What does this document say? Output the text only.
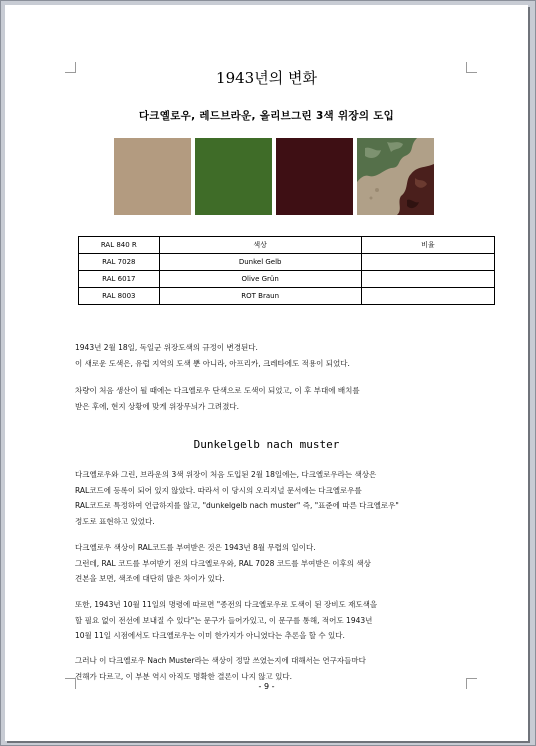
1943년의 변화
다크옐로우, 레드브라운, 올리브그린 3색 위장의 도입
RAL 840 R	색상	비율
RAL 7028	Dunkel Gelb	
RAL 6017	Olive Grün	
RAL 8003	ROT Braun	
1943년 2월 18일, 독일군 위장도색의 규정이 변경된다.
이 새로운 도색은, 유럽 지역의 도색 뿐 아니라, 아프리카, 크레타에도 적용이 되었다.
차량이 처음 생산이 될 때에는 다크옐로우 단색으로 도색이 되었고, 이 후 부대에 배치를
받은 후에, 현지 상황에 맞게 위장무늬가 그려졌다.
Dunkelgelb nach muster
다크옐로우와 그린, 브라운의 3색 위장이 처음 도입된 2월 18일에는, 다크옐로우라는 색상은
RAL코드에 등록이 되어 있지 않았다. 따라서 이 당시의 오리지널 문서에는 다크옐로우를
RAL코드로 특정하여 언급하지를 않고, "dunkelgelb nach muster" 즉, "표준에 따른 다크옐로우"
정도로 표현하고 있었다.
다크옐로우 색상이 RAL코드를 부여받은 것은 1943년 8월 무렵의 일이다.
그런데, RAL 코드를 부여받기 전의 다크옐로우와, RAL 7028 코드를 부여받은 이후의 색상
견본을 보면, 색조에 대단히 많은 차이가 있다.
또한, 1943년 10월 11일의 명령에 따르면 "종전의 다크옐로우로 도색이 된 장비도 재도색을
할 필요 없이 전선에 보내질 수 있다"는 문구가 들어가있고, 이 문구를 통해, 적어도 1943년
10월 11일 시점에서도 다크옐로우는 이미 한가지가 아니였다는 추론을 할 수 있다.
그러나 이 다크옐로우 Nach Muster라는 색상이 정말 쓰였는지에 대해서는 연구자들마다
견해가 다르고, 이 부분 역시 아직도 명확한 결론이 나지 않고 있다.
- 9 -
